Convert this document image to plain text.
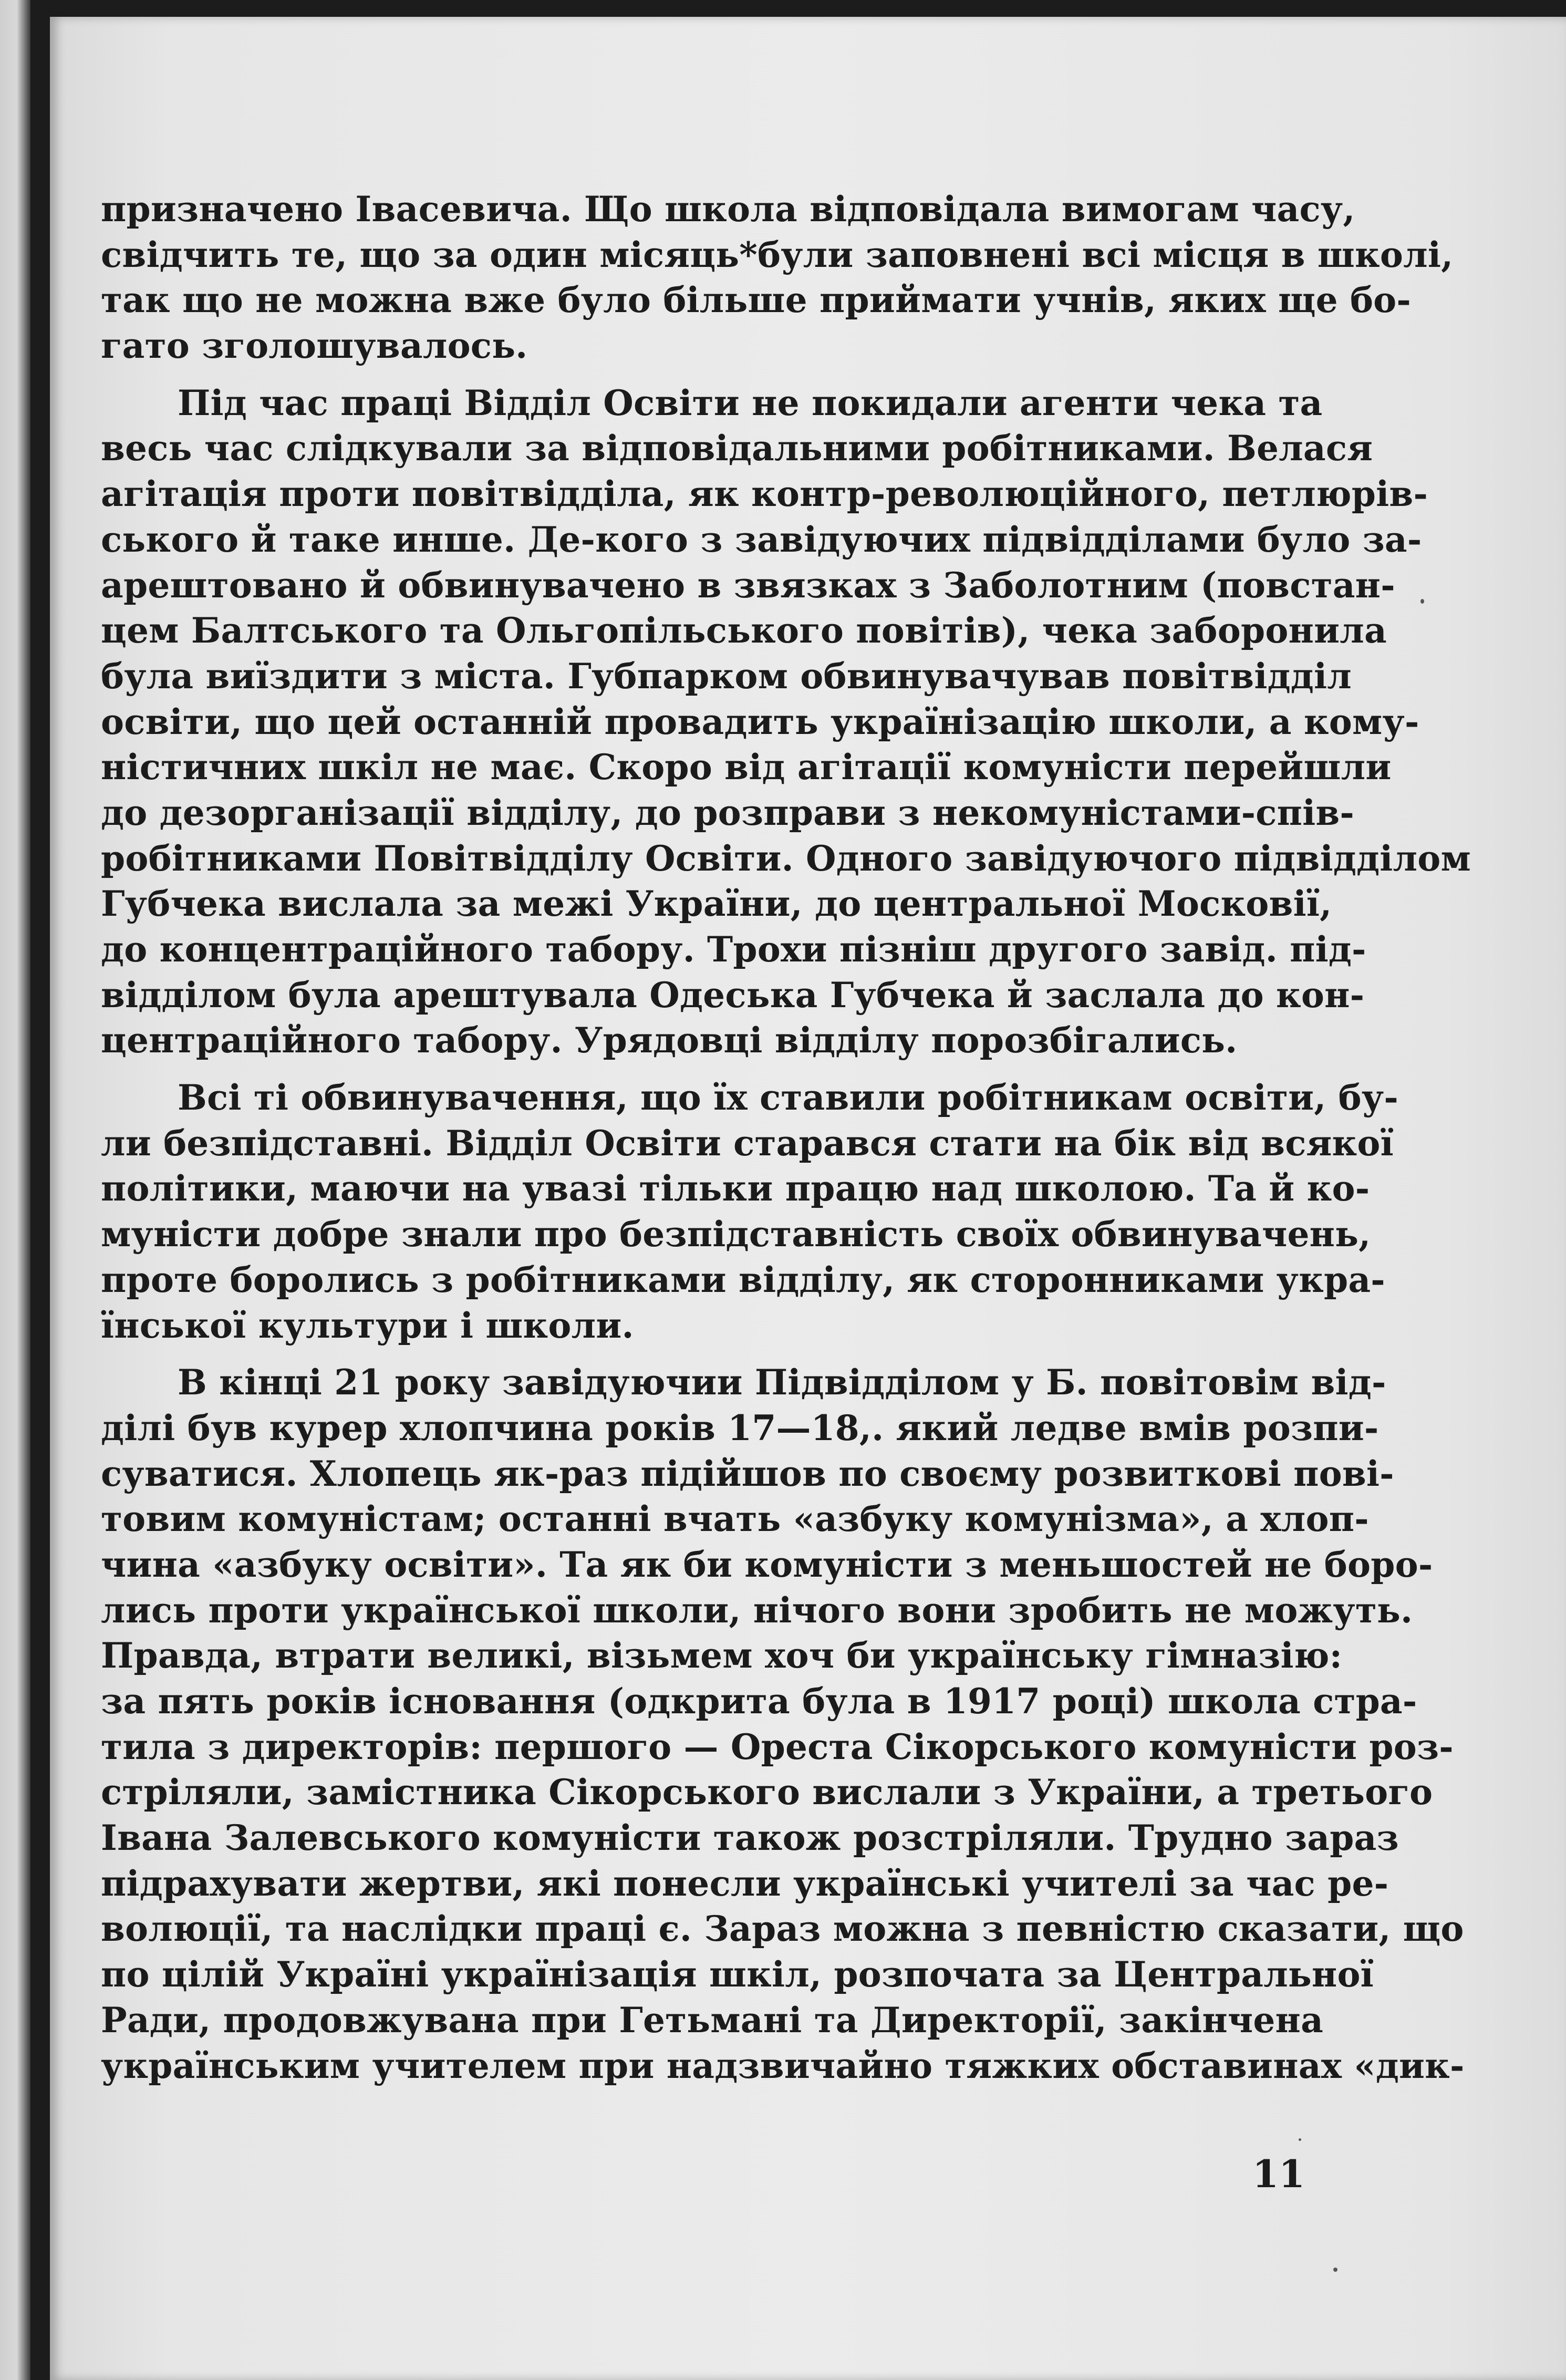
призначено Івасевича. Що школа відповідала вимогам часу,
свідчить те, що за один місяць*були заповнені всі місця в школі,
так що не можна вже було більше приймати учнів, яких ще бо-
гато зголошувалось.
Під час праці Відділ Освіти не покидали агенти чека та
весь час слідкували за відповідальними робітниками. Велася
агітація проти повітвідділа, як контр-революційного, петлюрів-
ського й таке инше. Де-кого з завідуючих підвідділами було за-
арештовано й обвинувачено в звязках з Заболотним (повстан-
цем Балтського та Ольгопільського повітів), чека заборонила
була виїздити з міста. Губпарком обвинувачував повітвідділ
освіти, що цей останній провадить українізацію школи, а кому-
ністичних шкіл не має. Скоро від агітації комуністи перейшли
до дезорганізації відділу, до розправи з некомуністами-спів-
робітниками Повітвідділу Освіти. Одного завідуючого підвідділом
Губчека вислала за межі України, до центральної Московії,
до концентраційного табору. Трохи пізніш другого завід. під-
відділом була арештувала Одеська Губчека й заслала до кон-
центраційного табору. Урядовці відділу порозбігались.
Всі ті обвинувачення, що їх ставили робітникам освіти, бу-
ли безпідставні. Відділ Освіти старався стати на бік від всякої
політики, маючи на увазі тільки працю над школою. Та й ко-
муністи добре знали про безпідставність своїх обвинувачень,
проте боролись з робітниками відділу, як сторонниками укра-
їнської культури і школи.
В кінці 21 року завідуючии Підвідділом у Б. повітовім від-
ділі був курер хлопчина років 17—18,. який ледве вмів розпи-
суватися. Хлопець як-раз підійшов по своєму розвиткові пові-
товим комуністам; останні вчать «азбуку комунізма», а хлоп-
чина «азбуку освіти». Та як би комуністи з меньшостей не боро-
лись проти української школи, нічого вони зробить не можуть.
Правда, втрати великі, візьмем хоч би українську гімназію:
за пять років існовання (одкрита була в 1917 році) школа стра-
тила з директорів: першого — Ореста Сікорського комуністи роз-
стріляли, замістника Сікорського вислали з України, а третього
Івана Залевського комуністи також розстріляли. Трудно зараз
підрахувати жертви, які понесли українські учителі за час ре-
волюції, та наслідки праці є. Зараз можна з певністю сказати, що
по цілій Україні українізація шкіл, розпочата за Центральної
Ради, продовжувана при Гетьмані та Директорії, закінчена
українським учителем при надзвичайно тяжких обставинах «дик-
11
